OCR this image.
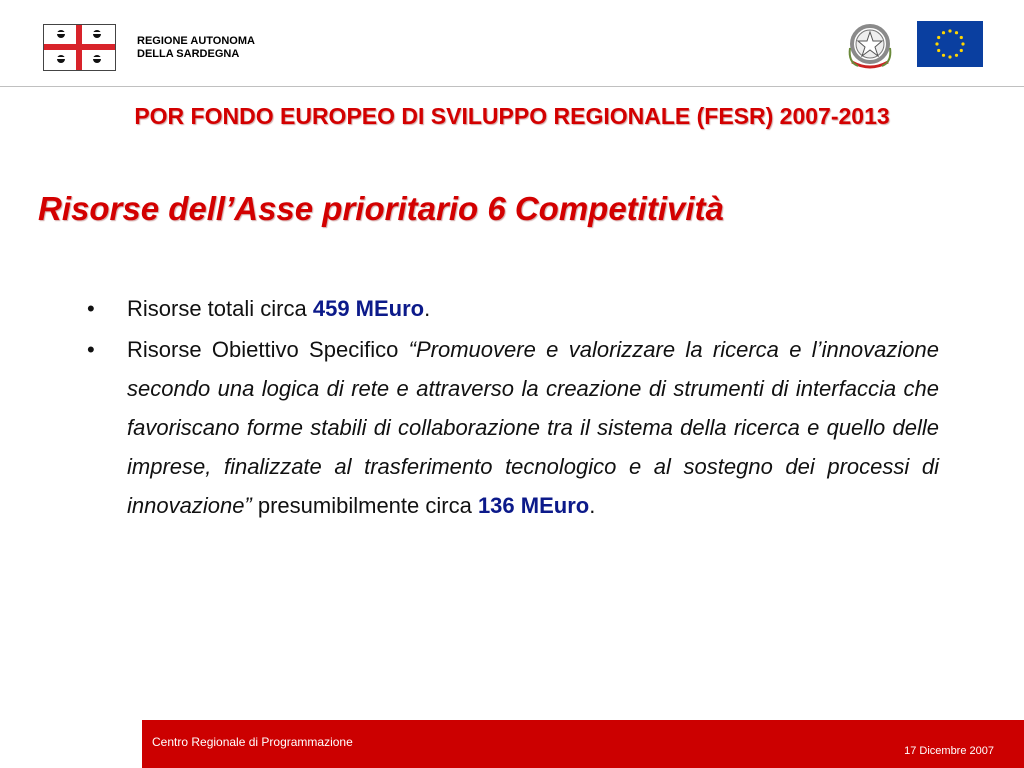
REGIONE AUTONOMA
DELLA SARDEGNA
POR FONDO EUROPEO DI SVILUPPO REGIONALE (FESR) 2007-2013
Risorse dell’Asse prioritario 6 Competitività
• Risorse totali circa 459 MEuro.
• Risorse Obiettivo Specifico “Promuovere e valorizzare la ricerca e l’innovazione secondo una logica di rete e attraverso la creazione di strumenti di interfaccia che favoriscano forme stabili di collaborazione tra il sistema della ricerca e quello delle imprese, finalizzate al trasferimento tecnologico e al sostegno dei processi di innovazione” presumibilmente circa 136 MEuro.
Centro Regionale di Programmazione
17 Dicembre 2007
